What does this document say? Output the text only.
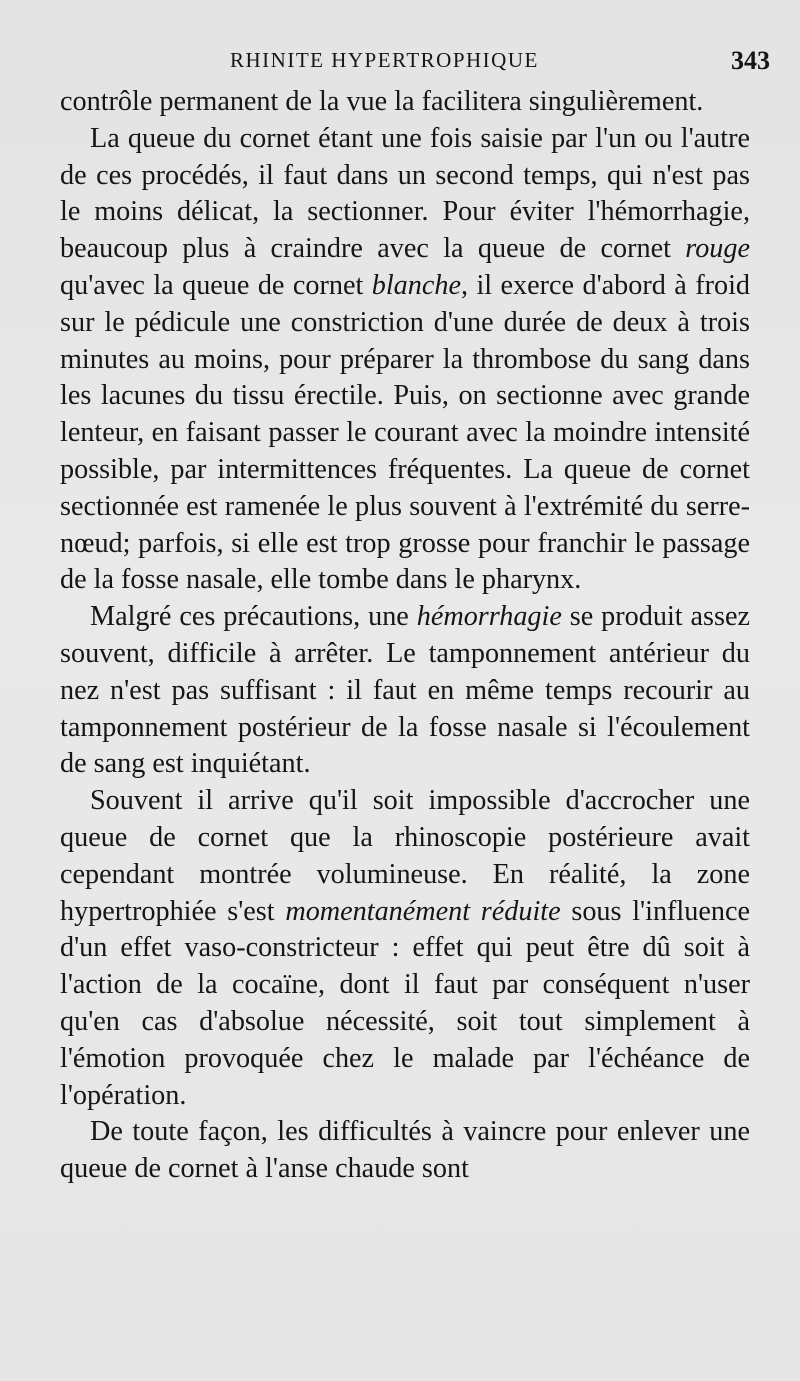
RHINITE HYPERTROPHIQUE	343

contrôle permanent de la vue la facilitera singulièrement.

La queue du cornet étant une fois saisie par l'un ou l'autre de ces procédés, il faut dans un second temps, qui n'est pas le moins délicat, la sectionner. Pour éviter l'hémorrhagie, beaucoup plus à craindre avec la queue de cornet rouge qu'avec la queue de cornet blanche, il exerce d'abord à froid sur le pédicule une constriction d'une durée de deux à trois minutes au moins, pour préparer la thrombose du sang dans les lacunes du tissu érectile. Puis, on sectionne avec grande lenteur, en faisant passer le courant avec la moindre intensité possible, par intermittences fréquentes. La queue de cornet sectionnée est ramenée le plus souvent à l'extrémité du serre-nœud; parfois, si elle est trop grosse pour franchir le passage de la fosse nasale, elle tombe dans le pharynx.

Malgré ces précautions, une hémorrhagie se produit assez souvent, difficile à arrêter. Le tamponnement antérieur du nez n'est pas suffisant : il faut en même temps recourir au tamponnement postérieur de la fosse nasale si l'écoulement de sang est inquiétant.

Souvent il arrive qu'il soit impossible d'accrocher une queue de cornet que la rhinoscopie postérieure avait cependant montrée volumineuse. En réalité, la zone hypertrophiée s'est momentanément réduite sous l'influence d'un effet vaso-constricteur : effet qui peut être dû soit à l'action de la cocaïne, dont il faut par conséquent n'user qu'en cas d'absolue nécessité, soit tout simplement à l'émotion provoquée chez le malade par l'échéance de l'opération.

De toute façon, les difficultés à vaincre pour enlever une queue de cornet à l'anse chaude sont
